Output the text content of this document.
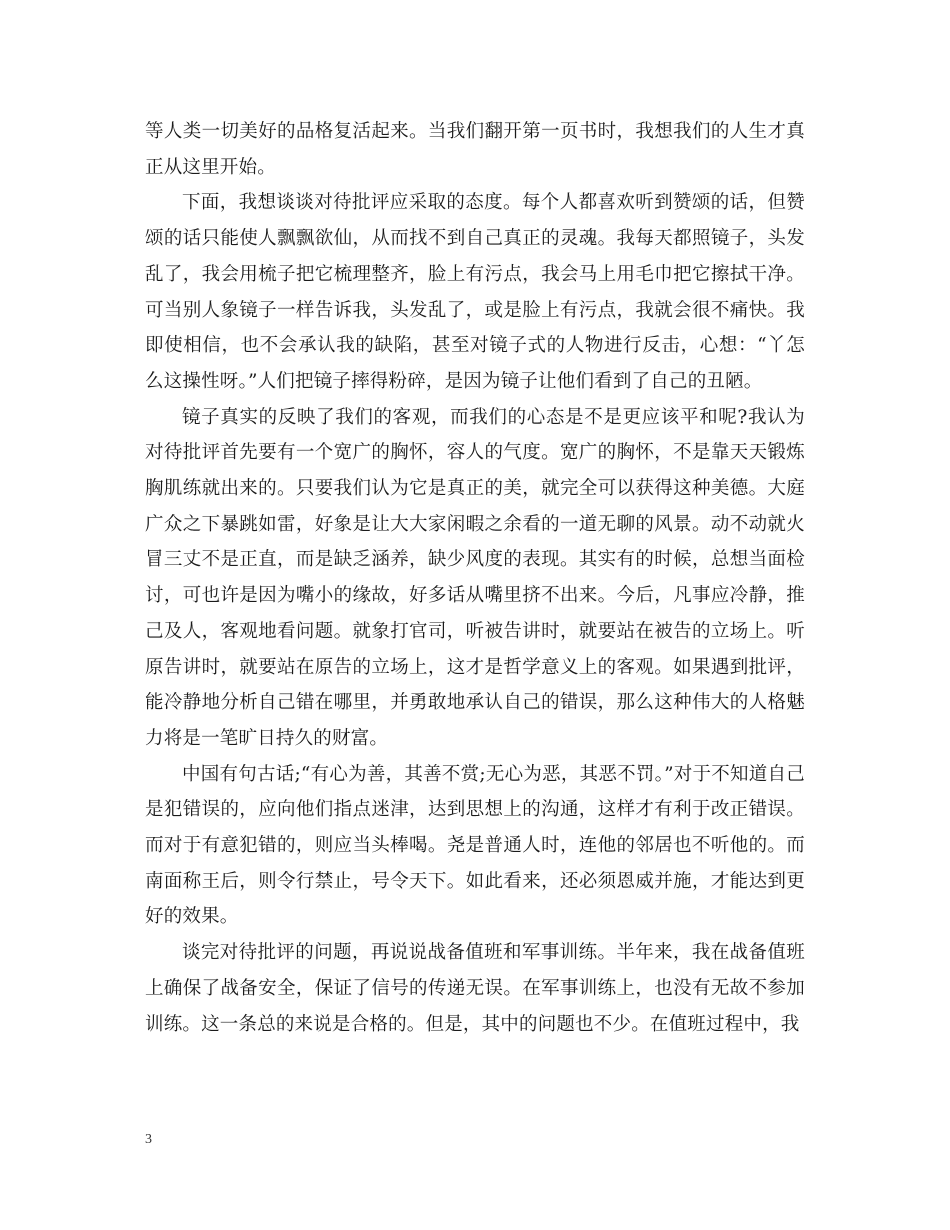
等人类一切美好的品格复活起来。当我们翻开第一页书时，我想我们的人生才真正从这里开始。

下面，我想谈谈对待批评应采取的态度。每个人都喜欢听到赞颂的话，但赞颂的话只能使人飘飘欲仙，从而找不到自己真正的灵魂。我每天都照镜子，头发乱了，我会用梳子把它梳理整齐，脸上有污点，我会马上用毛巾把它擦拭干净。可当别人象镜子一样告诉我，头发乱了，或是脸上有污点，我就会很不痛快。我即使相信，也不会承认我的缺陷，甚至对镜子式的人物进行反击，心想：“丫怎么这操性呀。”人们把镜子摔得粉碎，是因为镜子让他们看到了自己的丑陋。

镜子真实的反映了我们的客观，而我们的心态是不是更应该平和呢?我认为对待批评首先要有一个宽广的胸怀，容人的气度。宽广的胸怀，不是靠天天锻炼胸肌练就出来的。只要我们认为它是真正的美，就完全可以获得这种美德。大庭广众之下暴跳如雷，好象是让大大家闲暇之余看的一道无聊的风景。动不动就火冒三丈不是正直，而是缺乏涵养，缺少风度的表现。其实有的时候，总想当面检讨，可也许是因为嘴小的缘故，好多话从嘴里挤不出来。今后，凡事应冷静，推己及人，客观地看问题。就象打官司，听被告讲时，就要站在被告的立场上。听原告讲时，就要站在原告的立场上，这才是哲学意义上的客观。如果遇到批评，能冷静地分析自己错在哪里，并勇敢地承认自己的错误，那么这种伟大的人格魅力将是一笔旷日持久的财富。

中国有句古话;“有心为善，其善不赏;无心为恶，其恶不罚。”对于不知道自己是犯错误的，应向他们指点迷津，达到思想上的沟通，这样才有利于改正错误。而对于有意犯错的，则应当头棒喝。尧是普通人时，连他的邻居也不听他的。而南面称王后，则令行禁止，号令天下。如此看来，还必须恩威并施，才能达到更好的效果。

谈完对待批评的问题，再说说战备值班和军事训练。半年来，我在战备值班上确保了战备安全，保证了信号的传递无误。在军事训练上，也没有无故不参加训练。这一条总的来说是合格的。但是，其中的问题也不少。在值班过程中，我

3
